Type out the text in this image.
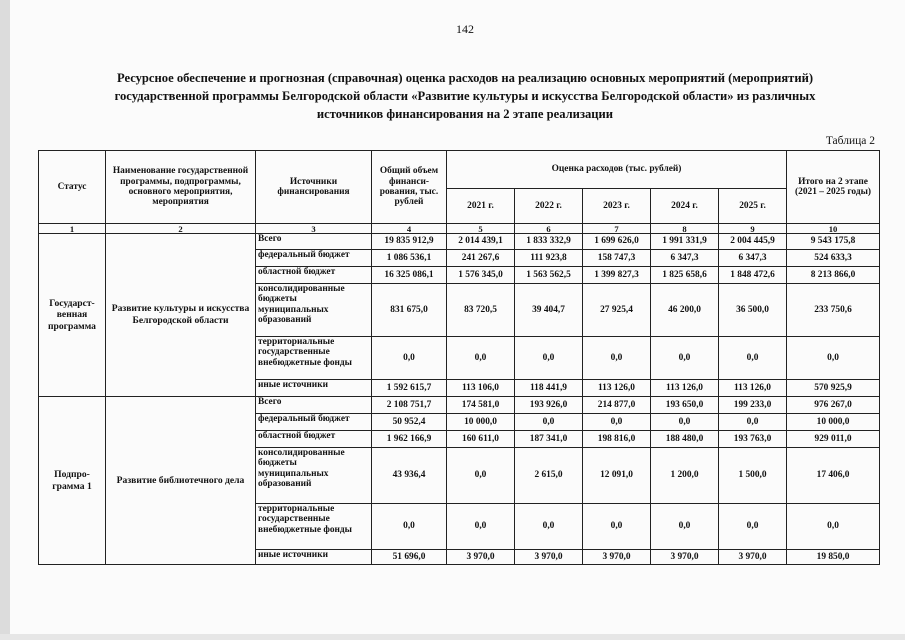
142
Ресурсное обеспечение и прогнозная (справочная) оценка расходов на реализацию основных мероприятий (мероприятий)
государственной программы Белгородской области «Развитие культуры и искусства Белгородской области» из различных
источников финансирования на 2 этапе реализации
Таблица 2
Статус	Наименование государственной программы, подпрограммы, основного мероприятия, мероприятия	Источники финансирования	Общий объем финанси-рования, тыс. рублей	Оценка расходов (тыс. рублей)					Итого на 2 этапе (2021 – 2025 годы)
				2021 г.	2022 г.	2023 г.	2024 г.	2025 г.	
1	2	3	4	5	6	7	8	9	10
Государст-венная программа	Развитие культуры и искусства Белгородской области	Всего	19 835 912,9	2 014 439,1	1 833 332,9	1 699 626,0	1 991 331,9	2 004 445,9	9 543 175,8
		федеральный бюджет	1 086 536,1	241 267,6	111 923,8	158 747,3	6 347,3	6 347,3	524 633,3
		областной бюджет	16 325 086,1	1 576 345,0	1 563 562,5	1 399 827,3	1 825 658,6	1 848 472,6	8 213 866,0
		консолидированные бюджеты муниципальных образований	831 675,0	83 720,5	39 404,7	27 925,4	46 200,0	36 500,0	233 750,6
		территориальные государственные внебюджетные фонды	0,0	0,0	0,0	0,0	0,0	0,0	0,0
		иные источники	1 592 615,7	113 106,0	118 441,9	113 126,0	113 126,0	113 126,0	570 925,9
Подпро-грамма 1	Развитие библиотечного дела	Всего	2 108 751,7	174 581,0	193 926,0	214 877,0	193 650,0	199 233,0	976 267,0
		федеральный бюджет	50 952,4	10 000,0	0,0	0,0	0,0	0,0	10 000,0
		областной бюджет	1 962 166,9	160 611,0	187 341,0	198 816,0	188 480,0	193 763,0	929 011,0
		консолидированные бюджеты муниципальных образований	43 936,4	0,0	2 615,0	12 091,0	1 200,0	1 500,0	17 406,0
		территориальные государственные внебюджетные фонды	0,0	0,0	0,0	0,0	0,0	0,0	0,0
		иные источники	51 696,0	3 970,0	3 970,0	3 970,0	3 970,0	3 970,0	19 850,0
